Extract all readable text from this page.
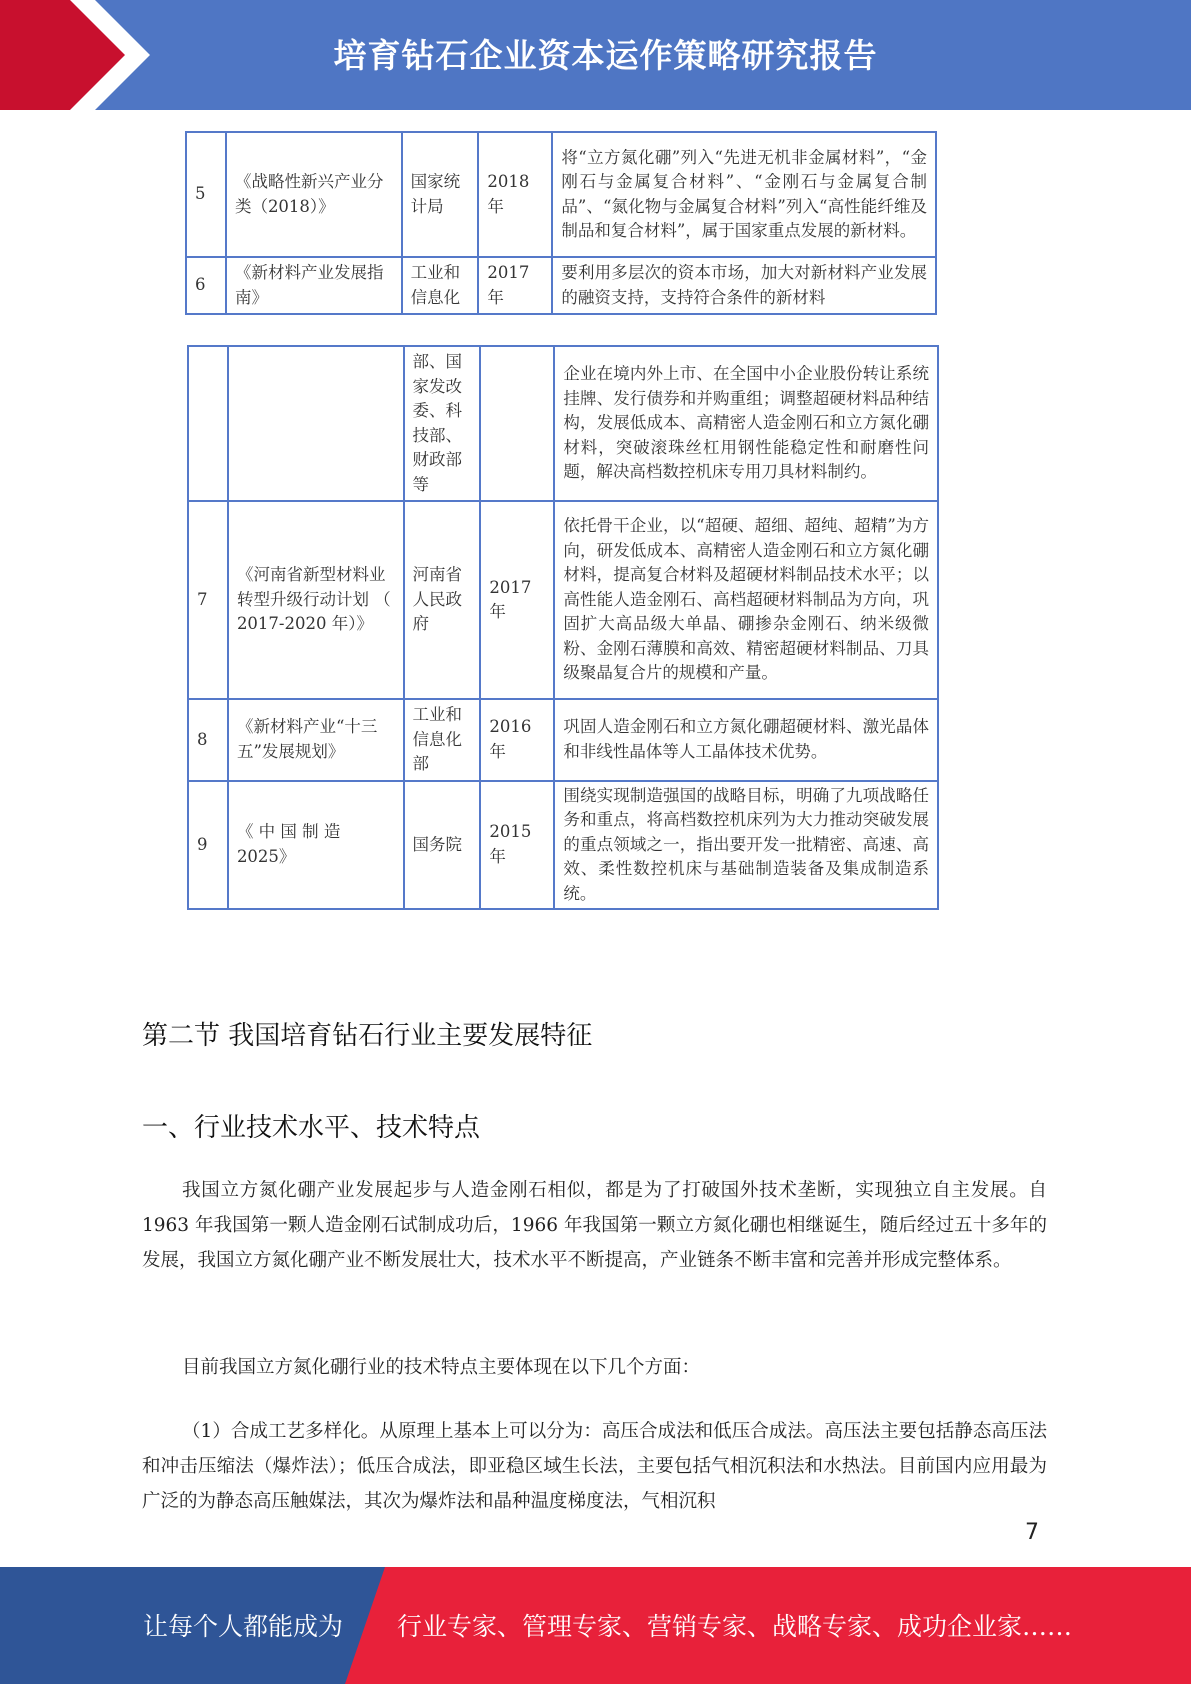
培育钻石企业资本运作策略研究报告
5	《战略性新兴产业分类（2018）》	国家统计局	2018 年	将“立方氮化硼”列入“先进无机非金属材料”，“金刚石与金属复合材料”、“金刚石与金属复合制品”、“氮化物与金属复合材料”列入“高性能纤维及制品和复合材料”，属于国家重点发展的新材料。
6	《新材料产业发展指南》	工业和信息化	2017 年	要利用多层次的资本市场，加大对新材料产业发展的融资支持，支持符合条件的新材料
		部、国家发改委、科技部、财政部等		企业在境内外上市、在全国中小企业股份转让系统挂牌、发行债券和并购重组；调整超硬材料品种结构，发展低成本、高精密人造金刚石和立方氮化硼材料，突破滚珠丝杠用钢性能稳定性和耐磨性问题，解决高档数控机床专用刀具材料制约。
7	《河南省新型材料业转型升级行动计划 （ 2017-2020 年）》	河南省人民政府	2017 年	依托骨干企业，以“超硬、超细、超纯、超精”为方向，研发低成本、高精密人造金刚石和立方氮化硼材料，提高复合材料及超硬材料制品技术水平；以高性能人造金刚石、高档超硬材料制品为方向，巩固扩大高品级大单晶、硼掺杂金刚石、纳米级微粉、金刚石薄膜和高效、精密超硬材料制品、刀具级聚晶复合片的规模和产量。
8	《新材料产业“十三五”发展规划》	工业和信息化部	2016 年	巩固人造金刚石和立方氮化硼超硬材料、激光晶体和非线性晶体等人工晶体技术优势。
9	《 中 国 制 造 2025》	国务院	2015 年	围绕实现制造强国的战略目标，明确了九项战略任务和重点，将高档数控机床列为大力推动突破发展的重点领域之一，指出要开发一批精密、高速、高效、柔性数控机床与基础制造装备及集成制造系统。
第二节 我国培育钻石行业主要发展特征
一、行业技术水平、技术特点

我国立方氮化硼产业发展起步与人造金刚石相似，都是为了打破国外技术垄断，实现独立自主发展。自 1963 年我国第一颗人造金刚石试制成功后，1966 年我国第一颗立方氮化硼也相继诞生，随后经过五十多年的发展，我国立方氮化硼产业不断发展壮大，技术水平不断提高，产业链条不断丰富和完善并形成完整体系。

目前我国立方氮化硼行业的技术特点主要体现在以下几个方面：

（1）合成工艺多样化。从原理上基本上可以分为：高压合成法和低压合成法。高压法主要包括静态高压法和冲击压缩法（爆炸法）；低压合成法，即亚稳区域生长法，主要包括气相沉积法和水热法。目前国内应用最为广泛的为静态高压触媒法，其次为爆炸法和晶种温度梯度法，气相沉积

7
让每个人都能成为 行业专家、管理专家、营销专家、战略专家、成功企业家……
